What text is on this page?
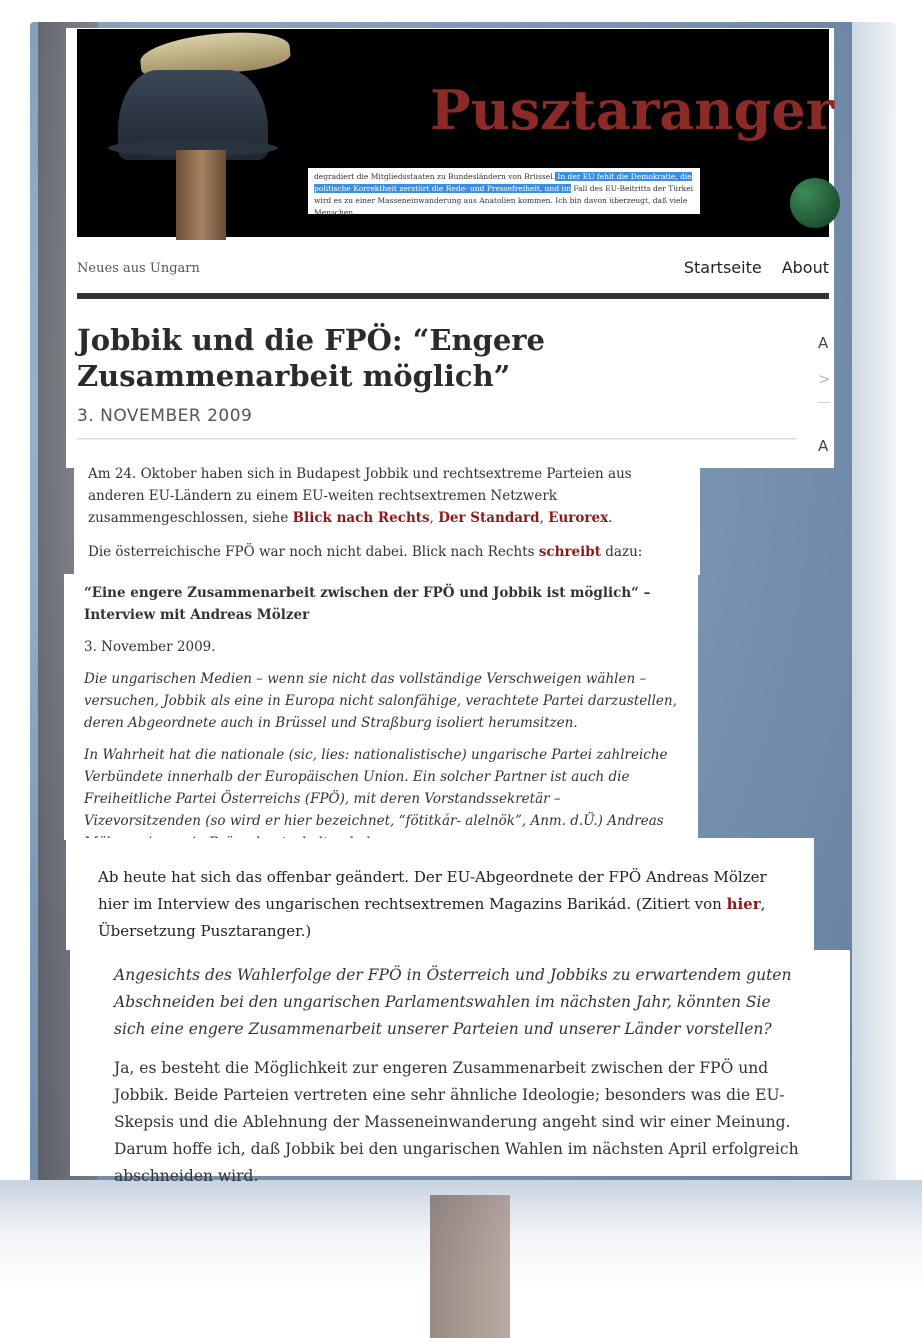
Pusztaranger
degradiert die Mitgliedsstaaten zu Bundesländern von Brüssel. In der EU fehlt die Demokratie, die politische Korrektheit zerstört die Rede- und Pressefreiheit, und im Fall des EU-Beitritts der Türkei wird es zu einer Masseneinwanderung aus Anatolien kommen. Ich bin davon überzeugt, daß viele Menschen
Neues aus Ungarn	Startseite About
A
>
A
Jobbik und die FPÖ: “Engere Zusammenarbeit möglich”
3. NOVEMBER 2009

Am 24. Oktober haben sich in Budapest Jobbik und rechtsextreme Parteien aus anderen EU-Ländern zu einem EU-weiten rechtsextremen Netzwerk zusammengeschlossen, siehe Blick nach Rechts, Der Standard, Eurorex.

Die österreichische FPÖ war noch nicht dabei. Blick nach Rechts schreibt dazu:

“Eine engere Zusammenarbeit zwischen der FPÖ und Jobbik ist möglich“ – Interview mit Andreas Mölzer
3. November 2009.
Die ungarischen Medien – wenn sie nicht das vollständige Verschweigen wählen – versuchen, Jobbik als eine in Europa nicht salonfähige, verachtete Partei darzustellen, deren Abgeordnete auch in Brüssel und Straßburg isoliert herumsitzen.
In Wahrheit hat die nationale (sic, lies: nationalistische) ungarische Partei zahlreiche Verbündete innerhalb der Europäischen Union. Ein solcher Partner ist auch die Freiheitliche Partei Österreichs (FPÖ), mit deren Vorstandssekretär – Vizevorsitzenden (so wird er hier bezeichnet, “fötitkár- alelnök”, Anm. d.Ü.) Andreas
Ab heute hat sich das offenbar geändert. Der EU-Abgeordnete der FPÖ Andreas Mölzer hier im Interview des ungarischen rechtsextremen Magazins Barikád. (Zitiert von hier, Übersetzung Pusztaranger.)
Angesichts des Wahlerfolge der FPÖ in Österreich und Jobbiks zu erwartendem guten Abschneiden bei den ungarischen Parlamentswahlen im nächsten Jahr, könnten Sie sich eine engere Zusammenarbeit unserer Parteien und unserer Länder vorstellen?
Ja, es besteht die Möglichkeit zur engeren Zusammenarbeit zwischen der FPÖ und Jobbik. Beide Parteien vertreten eine sehr ähnliche Ideologie; besonders was die EU-Skepsis und die Ablehnung der Masseneinwanderung angeht sind wir einer Meinung. Darum hoffe ich, daß Jobbik bei den ungarischen Wahlen im nächsten April erfolgreich abschneiden wird.
